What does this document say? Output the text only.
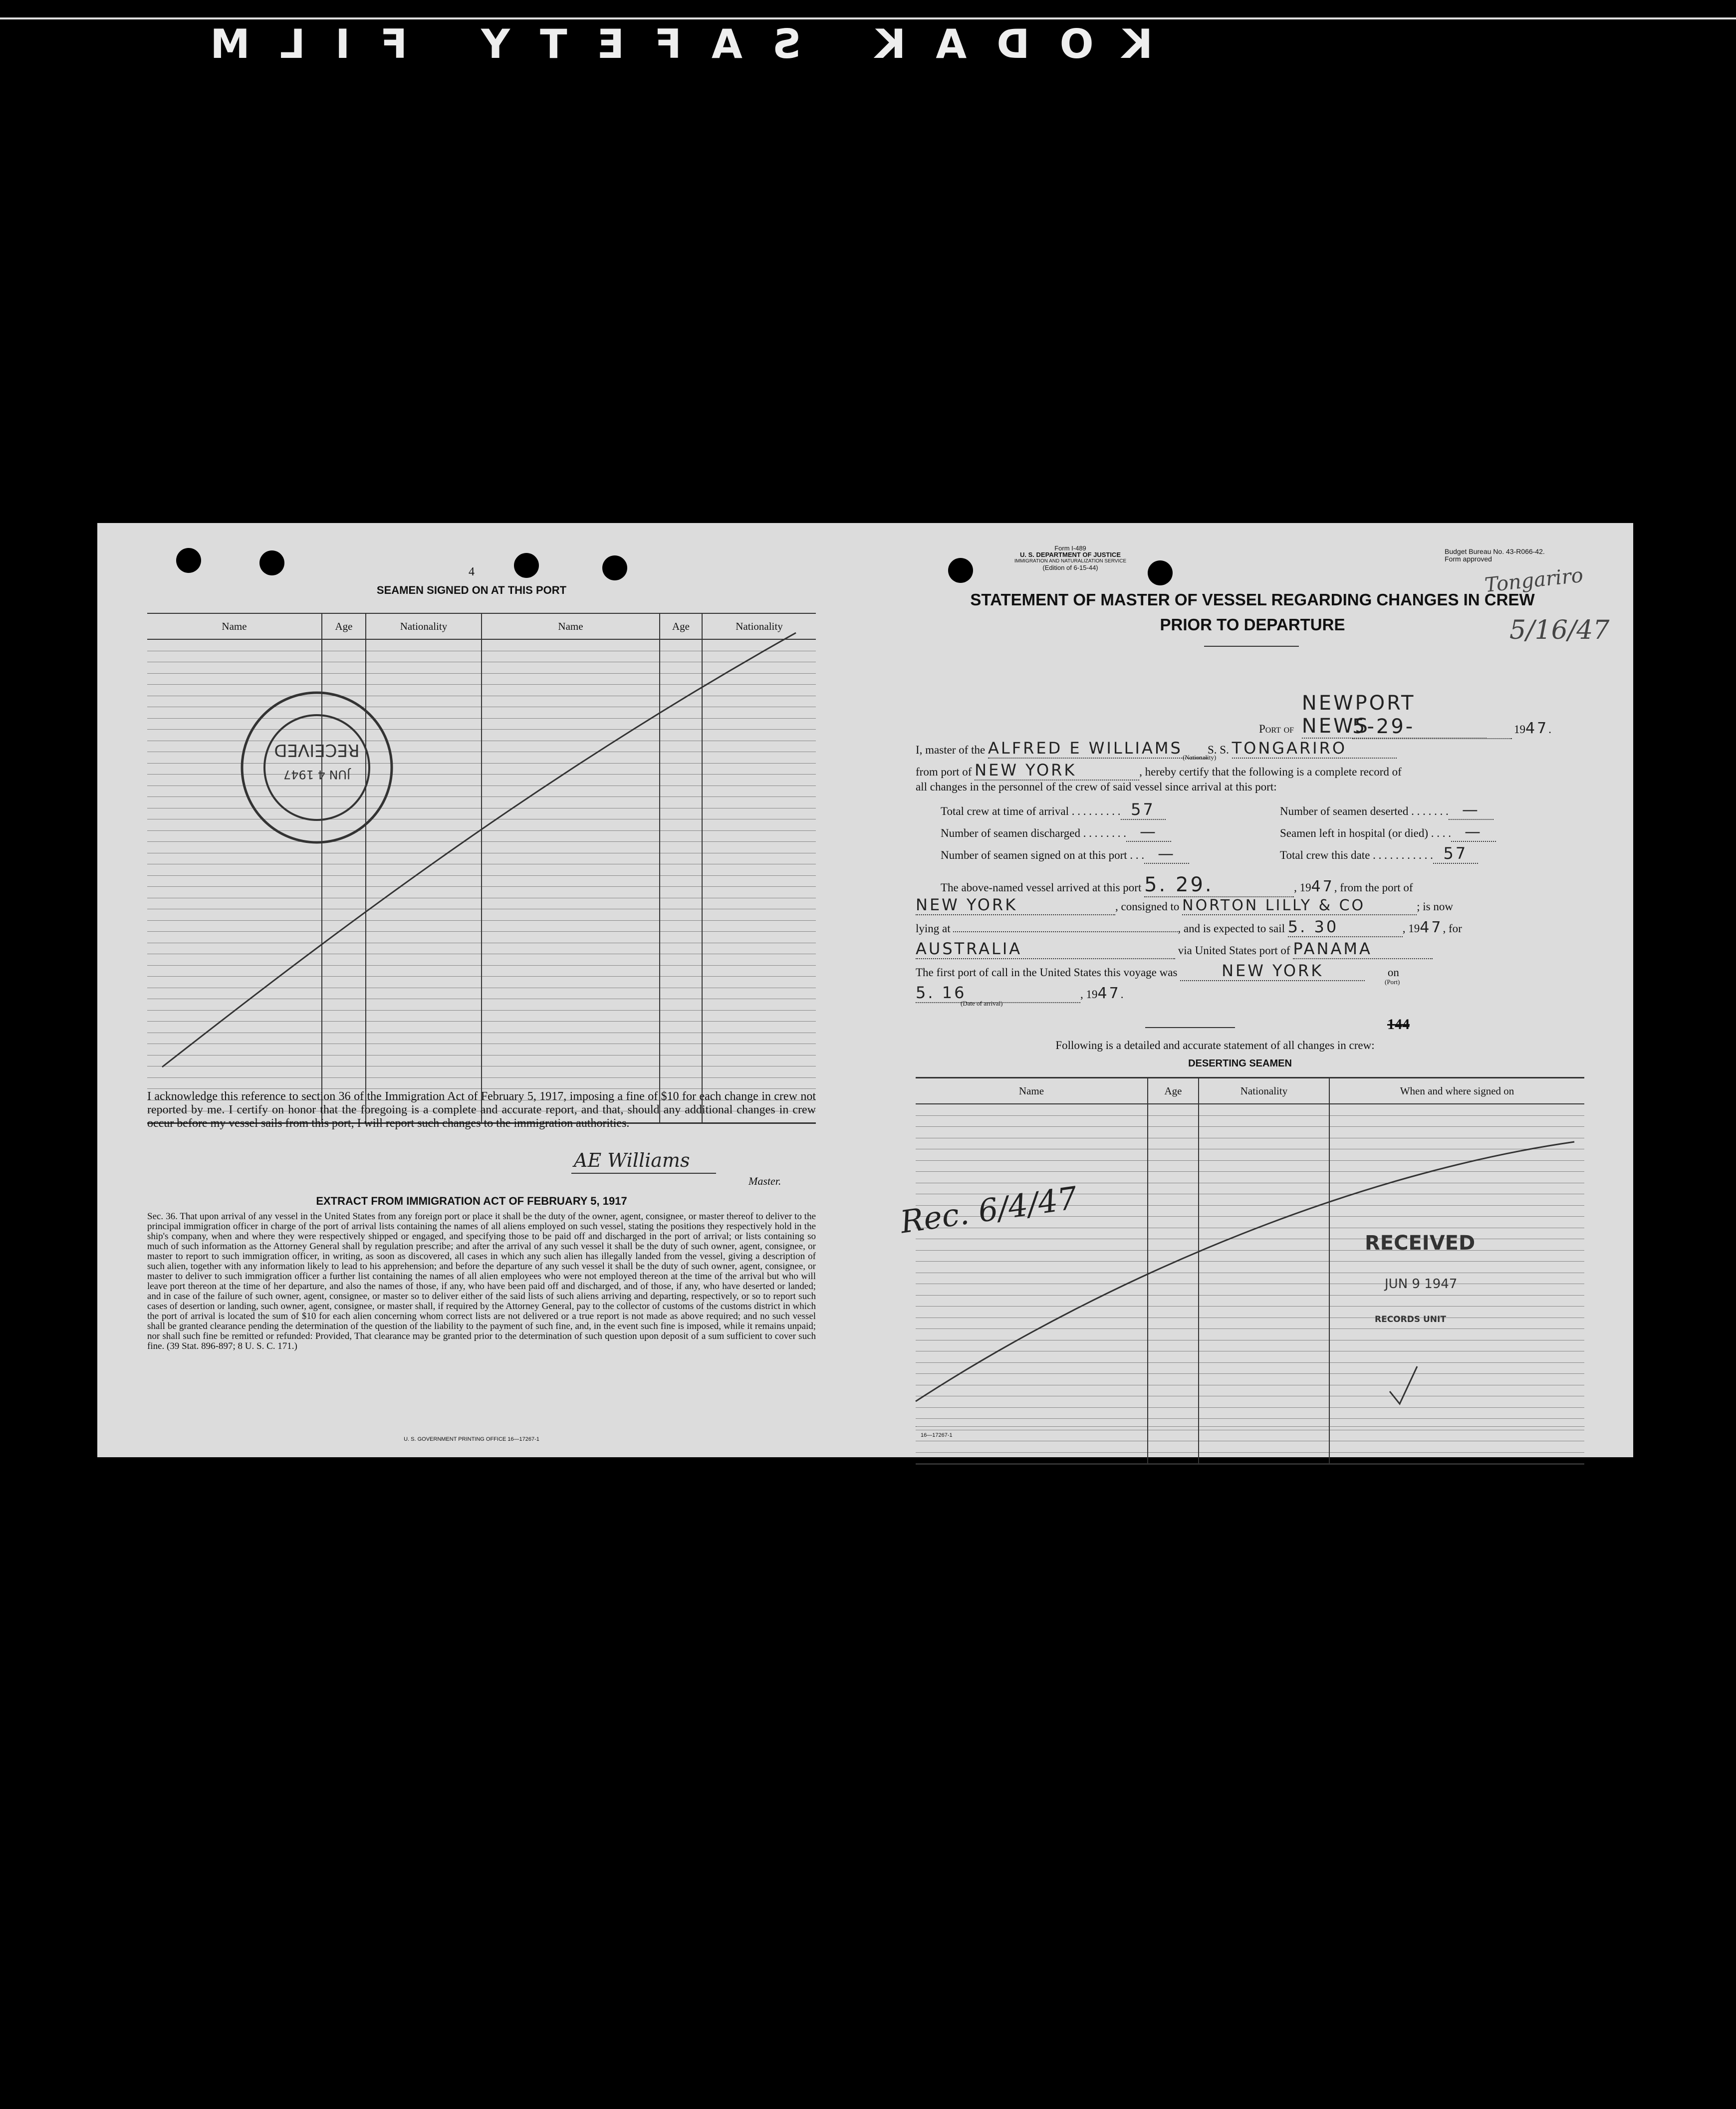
KODAK SAFETY FILM
4
SEAMEN SIGNED ON AT THIS PORT
Name	Age	Nationality	Name	Age	Nationality

RECEIVED
JUN 4 1947
I acknowledge this reference to section 36 of the Immigration Act of February 5, 1917, imposing a fine of $10 for each change in crew not reported by me. I certify on honor that the foregoing is a complete and accurate report, and that, should any additional changes in crew occur before my vessel sails from this port, I will report such changes to the immigration authorities.
AE Williams
Master.
EXTRACT FROM IMMIGRATION ACT OF FEBRUARY 5, 1917
Sec. 36. That upon arrival of any vessel in the United States from any foreign port or place it shall be the duty of the owner, agent, consignee, or master thereof to deliver to the principal immigration officer in charge of the port of arrival lists containing the names of all aliens employed on such vessel, stating the positions they respectively hold in the ship's company, when and where they were respectively shipped or engaged, and specifying those to be paid off and discharged in the port of arrival; or lists containing so much of such information as the Attorney General shall by regulation prescribe; and after the arrival of any such vessel it shall be the duty of such owner, agent, consignee, or master to report to such immigration officer, in writing, as soon as discovered, all cases in which any such alien has illegally landed from the vessel, giving a description of such alien, together with any information likely to lead to his apprehension; and before the departure of any such vessel it shall be the duty of such owner, agent, consignee, or master to deliver to such immigration officer a further list containing the names of all alien employees who were not employed thereon at the time of the arrival but who will leave port thereon at the time of her departure, and also the names of those, if any, who have been paid off and discharged, and of those, if any, who have deserted or landed; and in case of the failure of such owner, agent, consignee, or master so to deliver either of the said lists of such aliens arriving and departing, respectively, or so to report such cases of desertion or landing, such owner, agent, consignee, or master shall, if required by the Attorney General, pay to the collector of customs of the customs district in which the port of arrival is located the sum of $10 for each alien concerning whom correct lists are not delivered or a true report is not made as above required; and no such vessel shall be granted clearance pending the determination of the question of the liability to the payment of such fine, and, in the event such fine is imposed, while it remains unpaid; nor shall such fine be remitted or refunded: Provided, That clearance may be granted prior to the determination of such question upon deposit of a sum sufficient to cover such fine. (39 Stat. 896-897; 8 U. S. C. 171.)
U. S. GOVERNMENT PRINTING OFFICE 16—17267-1
Form I-489
U. S. DEPARTMENT OF JUSTICE
IMMIGRATION AND NATURALIZATION SERVICE
(Edition of 6-15-44)
Budget Bureau No. 43-R066-42.
Form approved
Tongariro
5/16/47
STATEMENT OF MASTER OF VESSEL REGARDING CHANGES IN CREW
PRIOR TO DEPARTURE
Port of NEWPORT NEWS
5-29-	1947.
I, master of the ALFRED E WILLIAMS S. S. TONGARIRO
(Nationality)
from port of NEW YORK	, hereby certify that the following is a complete record of
all changes in the personnel of the crew of said vessel since arrival at this port:
Total crew at time of arrival . . . . . . . . . 57	Number of seamen deserted . . . . . . . —
Number of seamen discharged . . . . . . . . —	Seamen left in hospital (or died) . . . . —
Number of seamen signed on at this port . . . —	Total crew this date . . . . . . . . . . . 57
The above-named vessel arrived at this port 5. 29.	, 1947, from the port of
NEW YORK	, consigned to NORTON LILLY & CO	; is now
lying at	, and is expected to sail 5. 30	, 1947, for
AUSTRALIA	via United States port of PANAMA
The first port of call in the United States this voyage was	NEW YORK	on
(Port)
5. 16	, 1947.
(Date of arrival)
144
Following is a detailed and accurate statement of all changes in crew:
DESERTING SEAMEN
Name	Age	Nationality	When and where signed on

Rec. 6/4/47
RECEIVED
JUN 9 1947
RECORDS UNIT
16—17267-1
